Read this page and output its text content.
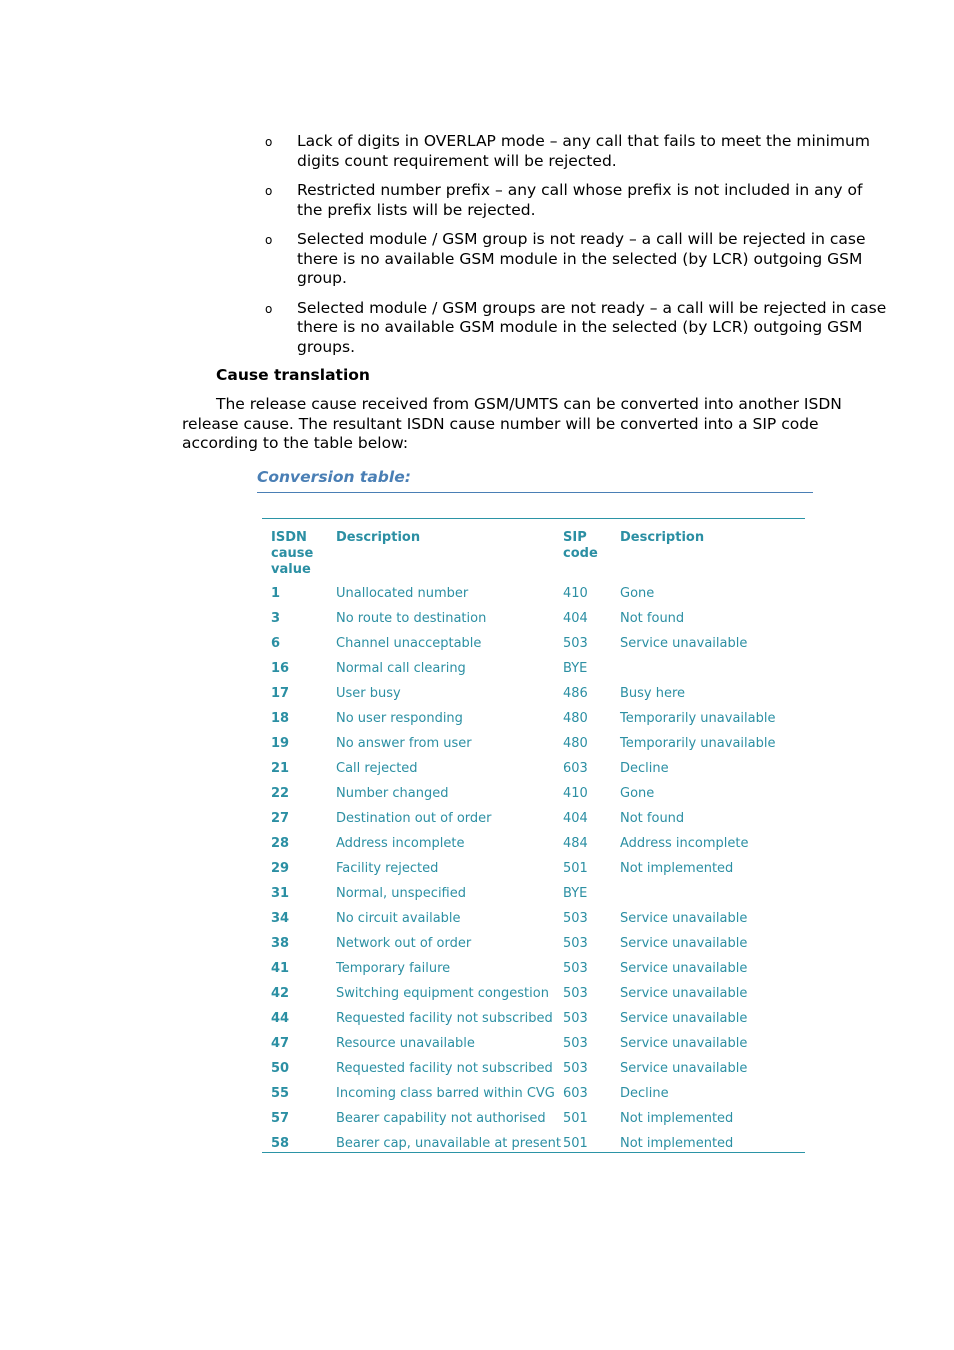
o	Lack of digits in OVERLAP mode – any call that fails to meet the minimum digits count requirement will be rejected.
o	Restricted number prefix – any call whose prefix is not included in any of the prefix lists will be rejected.
o	Selected module / GSM group is not ready – a call will be rejected in case there is no available GSM module in the selected (by LCR) outgoing GSM group.
o	Selected module / GSM groups are not ready – a call will be rejected in case there is no available GSM module in the selected (by LCR) outgoing GSM groups.
Cause translation
The release cause received from GSM/UMTS can be converted into another ISDN release cause. The resultant ISDN cause number will be converted into a SIP code according to the table below:
Conversion table:
ISDN cause value	Description	SIP code	Description
1	Unallocated number	410	Gone
3	No route to destination	404	Not found
6	Channel unacceptable	503	Service unavailable
16	Normal call clearing	BYE	
17	User busy	486	Busy here
18	No user responding	480	Temporarily unavailable
19	No answer from user	480	Temporarily unavailable
21	Call rejected	603	Decline
22	Number changed	410	Gone
27	Destination out of order	404	Not found
28	Address incomplete	484	Address incomplete
29	Facility rejected	501	Not implemented
31	Normal, unspecified	BYE	
34	No circuit available	503	Service unavailable
38	Network out of order	503	Service unavailable
41	Temporary failure	503	Service unavailable
42	Switching equipment congestion	503	Service unavailable
44	Requested facility not subscribed	503	Service unavailable
47	Resource unavailable	503	Service unavailable
50	Requested facility not subscribed	503	Service unavailable
55	Incoming class barred within CVG	603	Decline
57	Bearer capability not authorised	501	Not implemented
58	Bearer cap, unavailable at present	501	Not implemented
